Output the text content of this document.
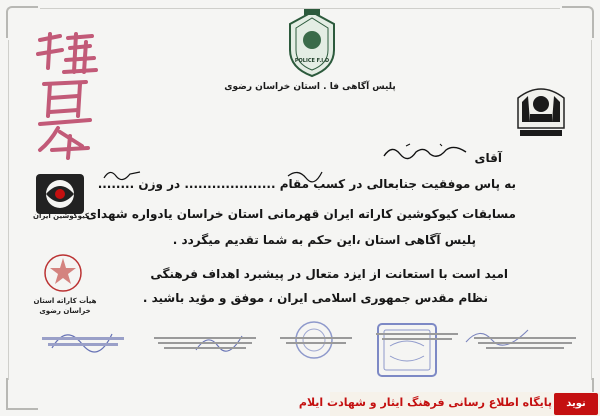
POLICE F.I.D
پلیس آگاهی فا . استان خراسان رضوی
کیوکوشین ایران
هیأت کاراته استان
خراسان رضوی
آقای
به پاس موفقیت جنابعالی در کسب مقام .................... در وزن ........
مسابقات کیوکوشین کاراته ایران قهرمانی استان خراسان یادواره شهدای
پلیس آگاهی استان ،این حکم به شما تقدیم میگردد .
امید است با استعانت از ایزد متعال در پیشبرد اهداف فرهنگی
نظام مقدس جمهوری اسلامی ایران ، موفق و مؤید باشید .
پایگاه اطلاع رسانی فرهنگ ایثار و شهادت ایلام	نوید
